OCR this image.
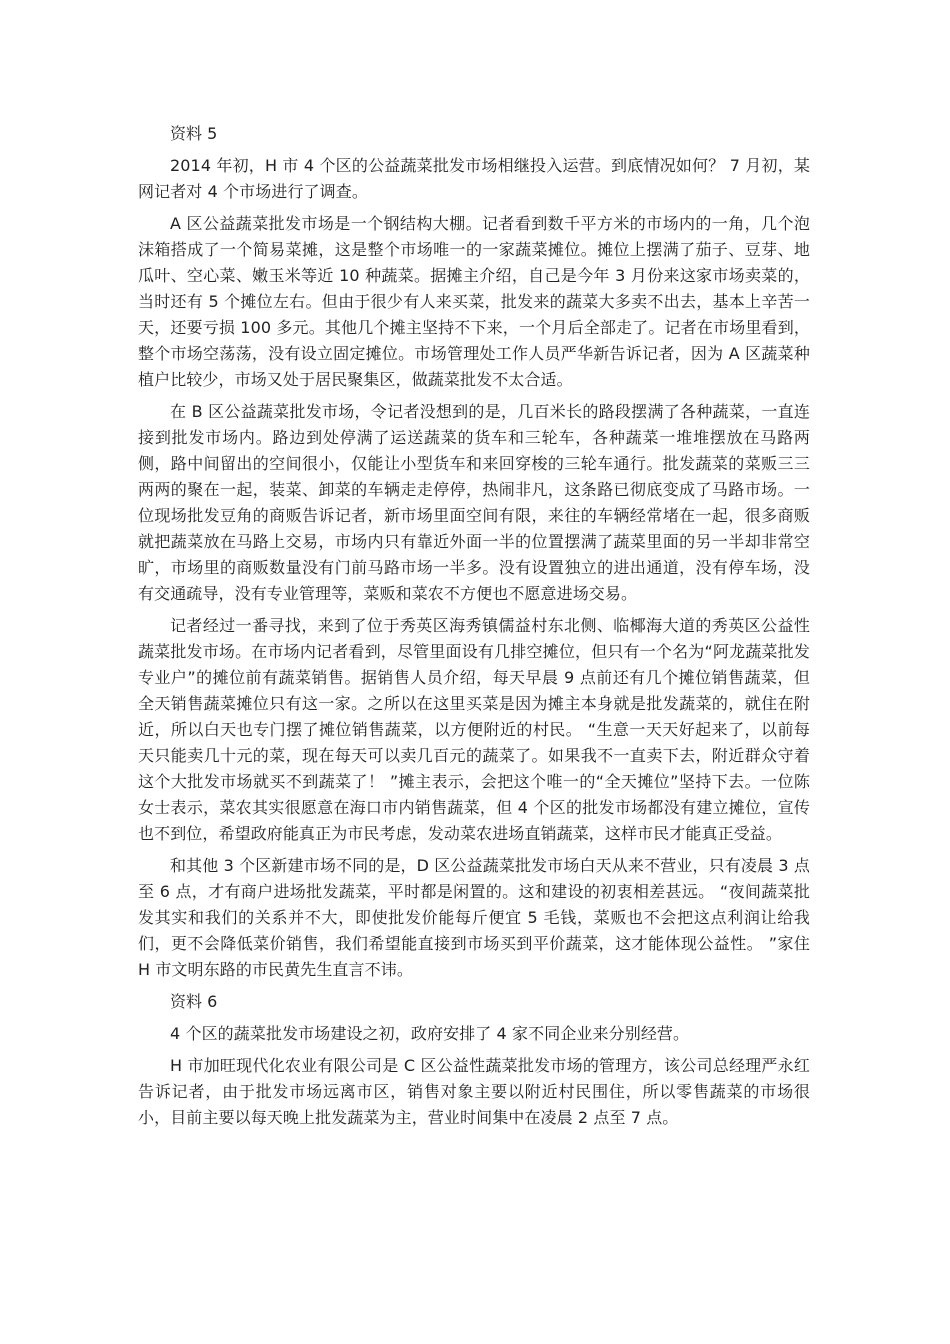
资料 5

2014 年初，H 市 4 个区的公益蔬菜批发市场相继投入运营。到底情况如何？ 7 月初，某网记者对 4 个市场进行了调查。

A 区公益蔬菜批发市场是一个钢结构大棚。记者看到数千平方米的市场内的一角，几个泡沫箱搭成了一个简易菜摊，这是整个市场唯一的一家蔬菜摊位。摊位上摆满了茄子、豆芽、地瓜叶、空心菜、嫩玉米等近 10 种蔬菜。据摊主介绍，自己是今年 3 月份来这家市场卖菜的，当时还有 5 个摊位左右。但由于很少有人来买菜，批发来的蔬菜大多卖不出去，基本上辛苦一天，还要亏损 100 多元。其他几个摊主坚持不下来，一个月后全部走了。记者在市场里看到，整个市场空荡荡，没有设立固定摊位。市场管理处工作人员严华新告诉记者，因为 A 区蔬菜种植户比较少，市场又处于居民聚集区，做蔬菜批发不太合适。

在 B 区公益蔬菜批发市场，令记者没想到的是，几百米长的路段摆满了各种蔬菜，一直连接到批发市场内。路边到处停满了运送蔬菜的货车和三轮车，各种蔬菜一堆堆摆放在马路两侧，路中间留出的空间很小，仅能让小型货车和来回穿梭的三轮车通行。批发蔬菜的菜贩三三两两的聚在一起，装菜、卸菜的车辆走走停停，热闹非凡，这条路已彻底变成了马路市场。一位现场批发豆角的商贩告诉记者，新市场里面空间有限，来往的车辆经常堵在一起，很多商贩就把蔬菜放在马路上交易，市场内只有靠近外面一半的位置摆满了蔬菜里面的另一半却非常空旷，市场里的商贩数量没有门前马路市场一半多。没有设置独立的进出通道，没有停车场，没有交通疏导，没有专业管理等，菜贩和菜农不方便也不愿意进场交易。

记者经过一番寻找，来到了位于秀英区海秀镇儒益村东北侧、临椰海大道的秀英区公益性蔬菜批发市场。在市场内记者看到，尽管里面设有几排空摊位，但只有一个名为“阿龙蔬菜批发专业户”的摊位前有蔬菜销售。据销售人员介绍，每天早晨 9 点前还有几个摊位销售蔬菜，但全天销售蔬菜摊位只有这一家。之所以在这里买菜是因为摊主本身就是批发蔬菜的，就住在附近，所以白天也专门摆了摊位销售蔬菜，以方便附近的村民。 “生意一天天好起来了，以前每天只能卖几十元的菜，现在每天可以卖几百元的蔬菜了。如果我不一直卖下去，附近群众守着这个大批发市场就买不到蔬菜了！ ”摊主表示，会把这个唯一的“全天摊位”坚持下去。一位陈女士表示，菜农其实很愿意在海口市内销售蔬菜，但 4 个区的批发市场都没有建立摊位，宣传也不到位，希望政府能真正为市民考虑，发动菜农进场直销蔬菜，这样市民才能真正受益。

和其他 3 个区新建市场不同的是，D 区公益蔬菜批发市场白天从来不营业，只有凌晨 3 点至 6 点，才有商户进场批发蔬菜，平时都是闲置的。这和建设的初衷相差甚远。 “夜间蔬菜批发其实和我们的关系并不大，即使批发价能每斤便宜 5 毛钱，菜贩也不会把这点利润让给我们，更不会降低菜价销售，我们希望能直接到市场买到平价蔬菜，这才能体现公益性。 ”家住 H 市文明东路的市民黄先生直言不讳。

资料 6

4 个区的蔬菜批发市场建设之初，政府安排了 4 家不同企业来分别经营。

H 市加旺现代化农业有限公司是 C 区公益性蔬菜批发市场的管理方，该公司总经理严永红告诉记者，由于批发市场远离市区，销售对象主要以附近村民围住，所以零售蔬菜的市场很小，目前主要以每天晚上批发蔬菜为主，营业时间集中在凌晨 2 点至 7 点。
